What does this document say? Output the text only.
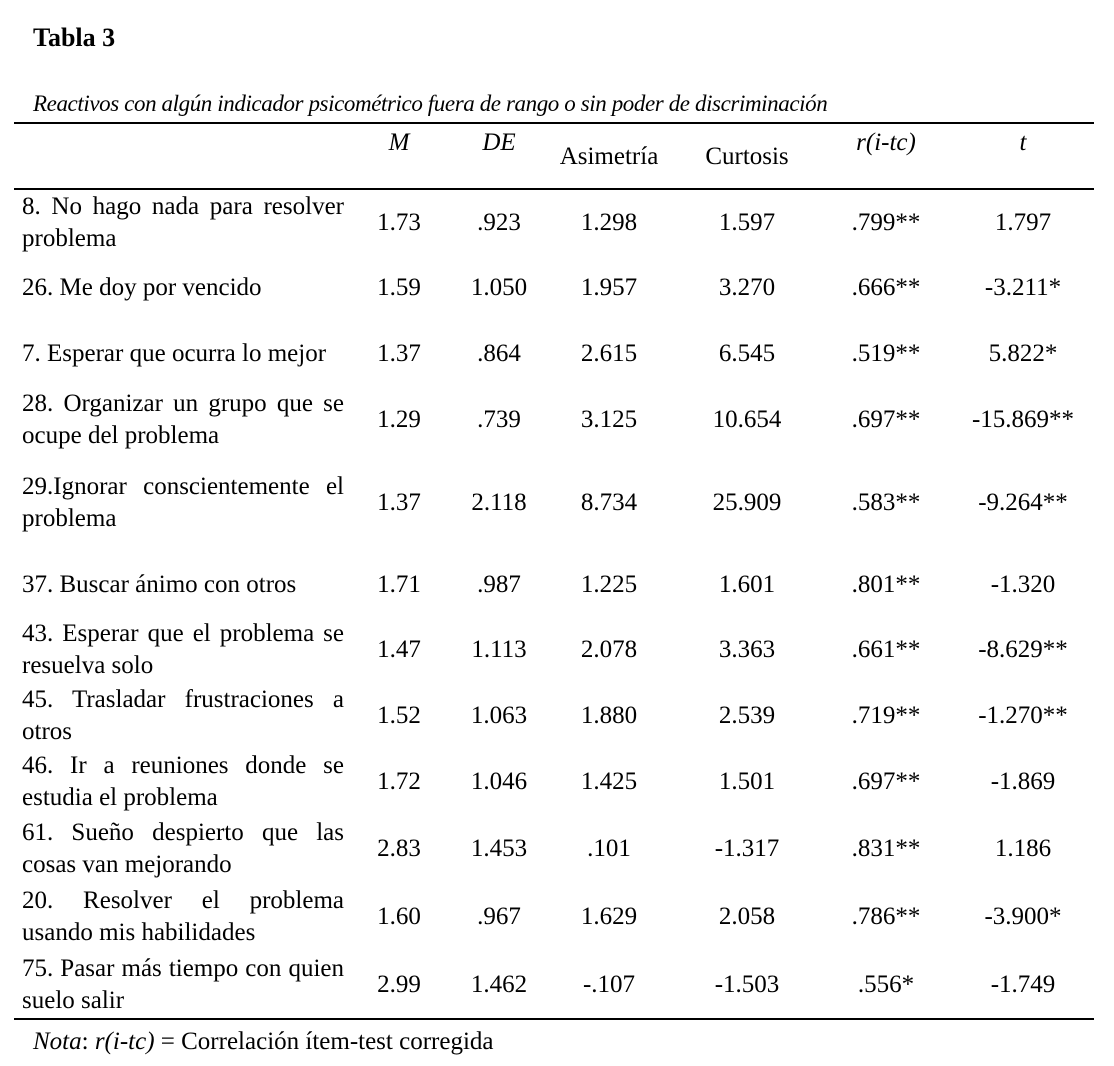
Tabla 3

Reactivos con algún indicador psicométrico fuera de rango o sin poder de discriminación

	M	DE	Asimetría	Curtosis	r(i-tc)	t
8. No hago nada para resolver problema	1.73	.923	1.298	1.597	.799**	1.797
26. Me doy por vencido	1.59	1.050	1.957	3.270	.666**	-3.211*
7. Esperar que ocurra lo mejor	1.37	.864	2.615	6.545	.519**	5.822*
28. Organizar un grupo que se ocupe del problema	1.29	.739	3.125	10.654	.697**	-15.869**
29.Ignorar conscientemente el problema	1.37	2.118	8.734	25.909	.583**	-9.264**
37. Buscar ánimo con otros	1.71	.987	1.225	1.601	.801**	-1.320
43. Esperar que el problema se resuelva solo	1.47	1.113	2.078	3.363	.661**	-8.629**
45. Trasladar frustraciones a otros	1.52	1.063	1.880	2.539	.719**	-1.270**
46. Ir a reuniones donde se estudia el problema	1.72	1.046	1.425	1.501	.697**	-1.869
61. Sueño despierto que las cosas van mejorando	2.83	1.453	.101	-1.317	.831**	1.186
20. Resolver el problema usando mis habilidades	1.60	.967	1.629	2.058	.786**	-3.900*
75. Pasar más tiempo con quien suelo salir	2.99	1.462	-.107	-1.503	.556*	-1.749

Nota: r(i-tc) = Correlación ítem-test corregida
